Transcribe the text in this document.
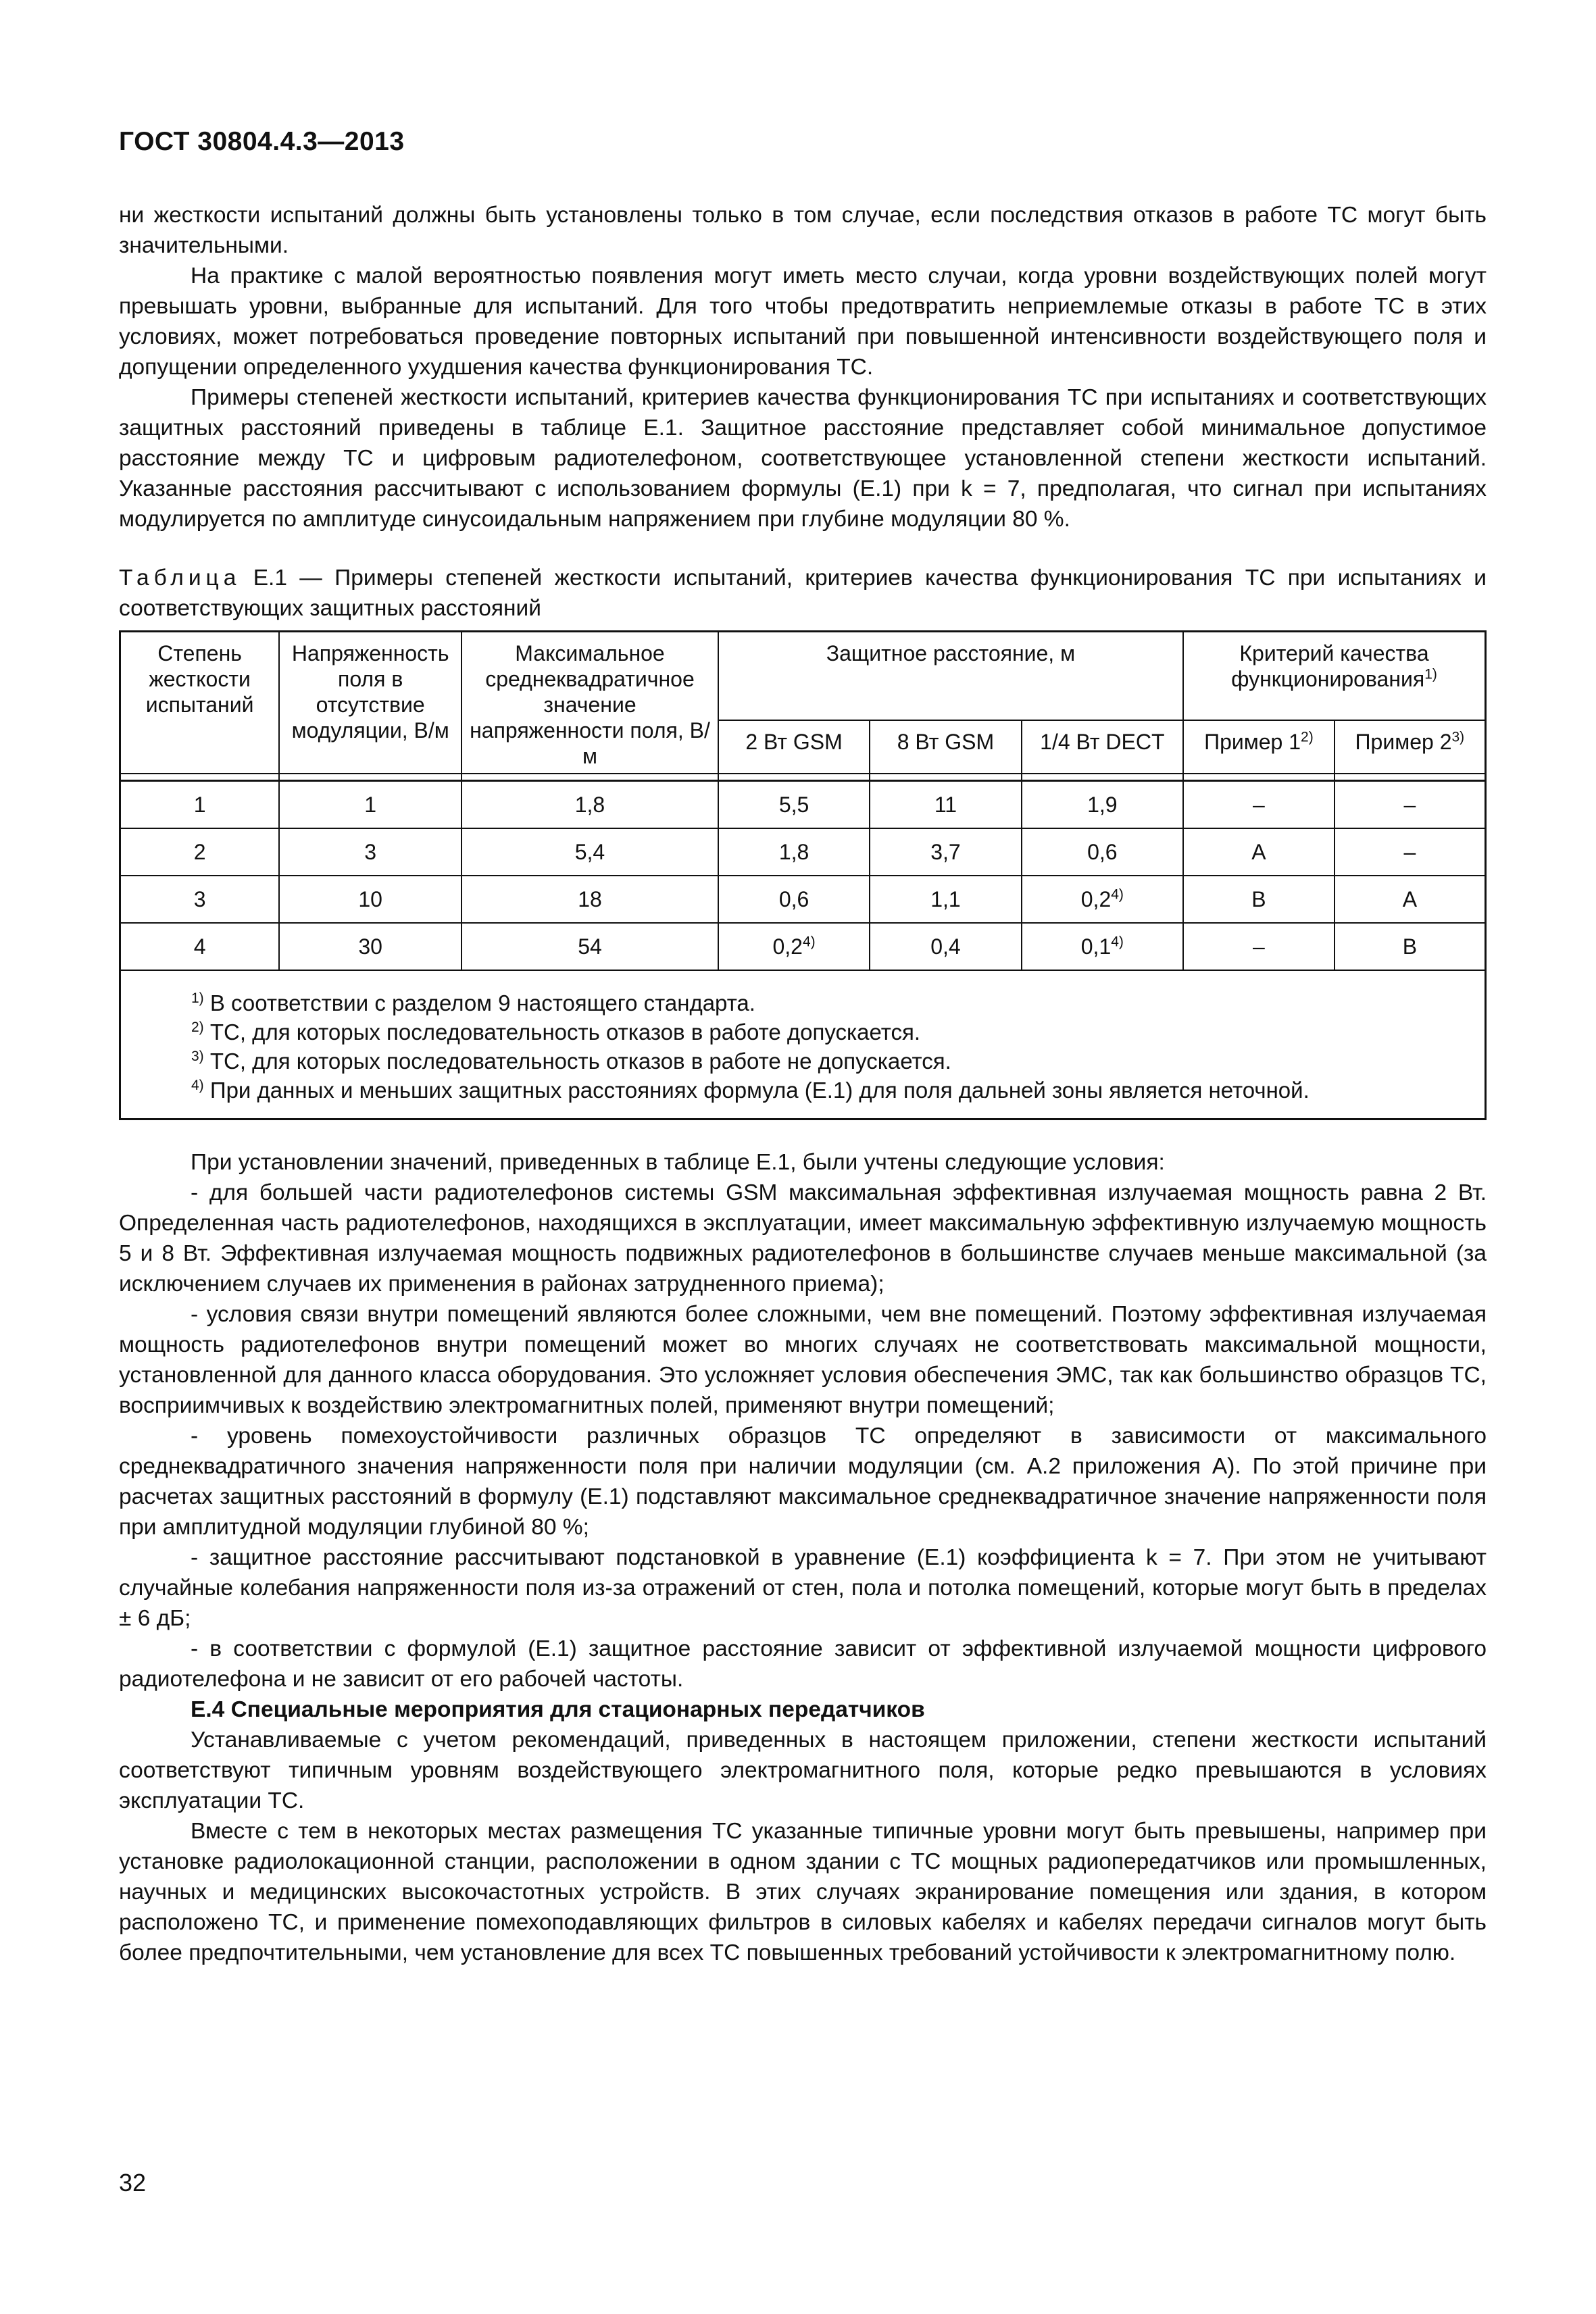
ГОСТ 30804.4.3—2013

ни жесткости испытаний должны быть установлены только в том случае, если последствия отказов в работе ТС могут быть значительными.

На практике с малой вероятностью появления могут иметь место случаи, когда уровни воздействующих полей могут превышать уровни, выбранные для испытаний. Для того чтобы предотвратить неприемлемые отказы в работе ТС в этих условиях, может потребоваться проведение повторных испытаний при повышенной интенсивности воздействующего поля и допущении определенного ухудшения качества функционирования ТС.

Примеры степеней жесткости испытаний, критериев качества функционирования ТС при испытаниях и соответствующих защитных расстояний приведены в таблице Е.1. Защитное расстояние представляет собой минимальное допустимое расстояние между ТС и цифровым радиотелефоном, соответствующее установленной степени жесткости испытаний. Указанные расстояния рассчитывают с использованием формулы (Е.1) при k = 7, предполагая, что сигнал при испытаниях модулируется по амплитуде синусоидальным напряжением при глубине модуляции 80 %.

Таблица Е.1 — Примеры степеней жесткости испытаний, критериев качества функционирования ТС при испытаниях и соответствующих защитных расстояний

Степень жесткости испытаний	Напряженность поля в отсутствие модуляции, В/м	Максимальное среднеквадратичное значение напряженности поля, В/м	Защитное расстояние, м			Критерий качества функционирования$^{1)}$
			2 Вт GSM	8 Вт GSM	1/4 Вт DECT	Пример 1$^{2)}$	Пример 2$^{3)}$

1	1	1,8	5,5	11	1,9	–	–
2	3	5,4	1,8	3,7	0,6	А	–
3	10	18	0,6	1,1	0,2$^{4)}$	В	А
4	30	54	0,2$^{4)}$	0,4	0,1$^{4)}$	–	В

$^{1)}$ В соответствии с разделом 9 настоящего стандарта.
$^{2)}$ ТС, для которых последовательность отказов в работе допускается.
$^{3)}$ ТС, для которых последовательность отказов в работе не допускается.
$^{4)}$ При данных и меньших защитных расстояниях формула (Е.1) для поля дальней зоны является неточной.							

При установлении значений, приведенных в таблице Е.1, были учтены следующие условия:

- для большей части радиотелефонов системы GSM максимальная эффективная излучаемая мощность равна 2 Вт. Определенная часть радиотелефонов, находящихся в эксплуатации, имеет максимальную эффективную излучаемую мощность 5 и 8 Вт. Эффективная излучаемая мощность подвижных радиотелефонов в большинстве случаев меньше максимальной (за исключением случаев их применения в районах затрудненного приема);

- условия связи внутри помещений являются более сложными, чем вне помещений. Поэтому эффективная излучаемая мощность радиотелефонов внутри помещений может во многих случаях не соответствовать максимальной мощности, установленной для данного класса оборудования. Это усложняет условия обеспечения ЭМС, так как большинство образцов ТС, восприимчивых к воздействию электромагнитных полей, применяют внутри помещений;

- уровень помехоустойчивости различных образцов ТС определяют в зависимости от максимального среднеквадратичного значения напряженности поля при наличии модуляции (см. А.2 приложения А). По этой причине при расчетах защитных расстояний в формулу (Е.1) подставляют максимальное среднеквадратичное значение напряженности поля при амплитудной модуляции глубиной 80 %;

- защитное расстояние рассчитывают подстановкой в уравнение (Е.1) коэффициента k = 7. При этом не учитывают случайные колебания напряженности поля из-за отражений от стен, пола и потолка помещений, которые могут быть в пределах ± 6 дБ;

- в соответствии с формулой (Е.1) защитное расстояние зависит от эффективной излучаемой мощности цифрового радиотелефона и не зависит от его рабочей частоты.

Е.4 Специальные мероприятия для стационарных передатчиков

Устанавливаемые с учетом рекомендаций, приведенных в настоящем приложении, степени жесткости испытаний соответствуют типичным уровням воздействующего электромагнитного поля, которые редко превышаются в условиях эксплуатации ТС.

Вместе с тем в некоторых местах размещения ТС указанные типичные уровни могут быть превышены, например при установке радиолокационной станции, расположении в одном здании с ТС мощных радиопередатчиков или промышленных, научных и медицинских высокочастотных устройств. В этих случаях экранирование помещения или здания, в котором расположено ТС, и применение помехоподавляющих фильтров в силовых кабелях и кабелях передачи сигналов могут быть более предпочтительными, чем установление для всех ТС повышенных требований устойчивости к электромагнитному полю.

32
